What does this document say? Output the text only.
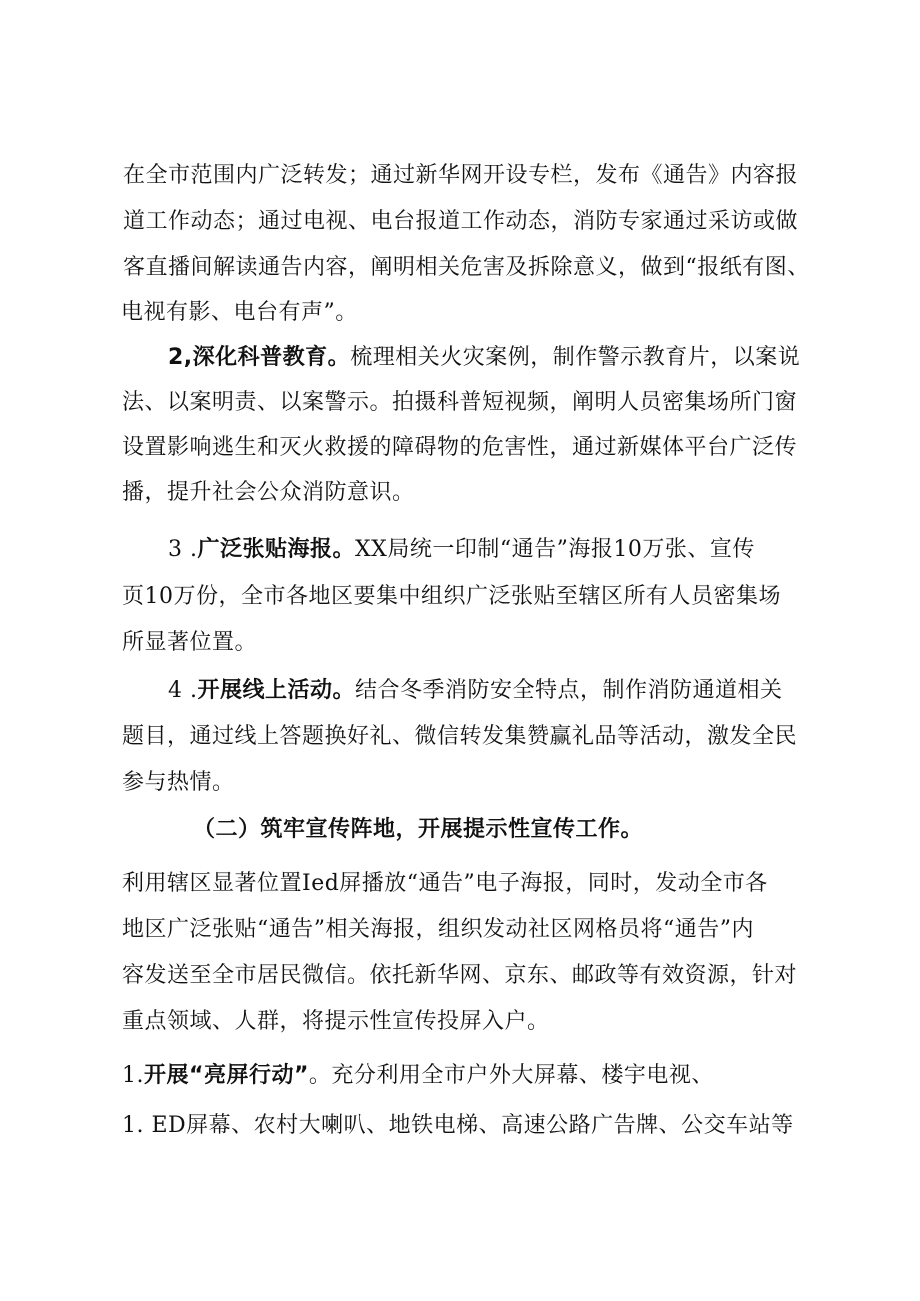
在全市范围内广泛转发；通过新华网开设专栏，发布《通告》内容报
道工作动态；通过电视、电台报道工作动态，消防专家通过采访或做
客直播间解读通告内容，阐明相关危害及拆除意义，做到“报纸有图、
电视有影、电台有声”。
2,深化科普教育。梳理相关火灾案例，制作警示教育片，以案说
法、以案明责、以案警示。拍摄科普短视频，阐明人员密集场所门窗
设置影响逃生和灭火救援的障碍物的危害性，通过新媒体平台广泛传
播，提升社会公众消防意识。
3 .广泛张贴海报。XX局统一印制“通告”海报10万张、宣传
页10万份，全市各地区要集中组织广泛张贴至辖区所有人员密集场
所显著位置。
4 .开展线上活动。结合冬季消防安全特点，制作消防通道相关
题目，通过线上答题换好礼、微信转发集赞赢礼品等活动，激发全民
参与热情。
（二）筑牢宣传阵地，开展提示性宣传工作。
利用辖区显著位置Ied屏播放“通告”电子海报，同时，发动全市各
地区广泛张贴“通告”相关海报，组织发动社区网格员将“通告”内
容发送至全市居民微信。依托新华网、京东、邮政等有效资源，针对
重点领域、人群，将提示性宣传投屏入户。
1.开展“亮屏行动”。充分利用全市户外大屏幕、楼宇电视、
1. ED屏幕、农村大喇叭、地铁电梯、高速公路广告牌、公交车站等
